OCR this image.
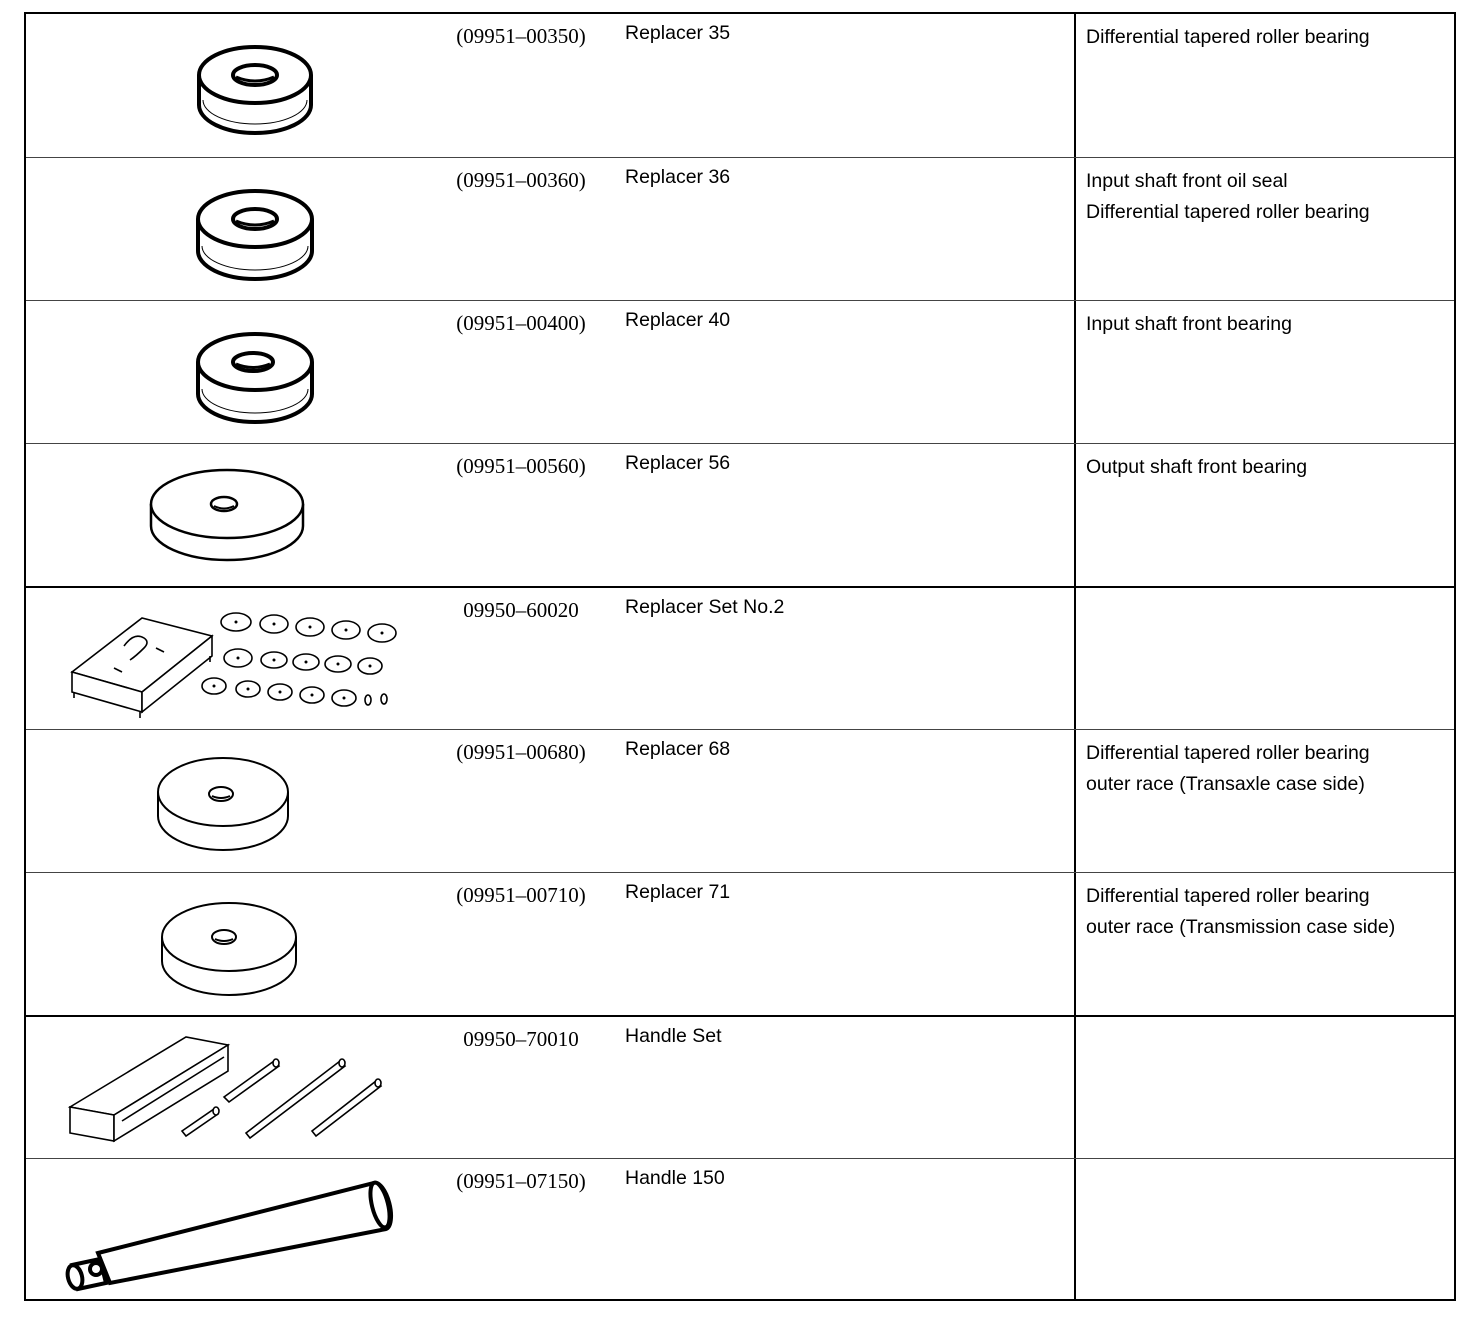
(09951–00350)	Replacer 35	Differential tapered roller bearing
(09951–00360)	Replacer 36	Input shaft front oil seal
Differential tapered roller bearing
(09951–00400)	Replacer 40	Input shaft front bearing
(09951–00560)	Replacer 56	Output shaft front bearing
09950–60020	Replacer Set No.2
(09951–00680)	Replacer 68	Differential tapered roller bearing
outer race (Transaxle case side)
(09951–00710)	Replacer 71	Differential tapered roller bearing
outer race (Transmission case side)
09950–70010	Handle Set
(09951–07150)	Handle 150
